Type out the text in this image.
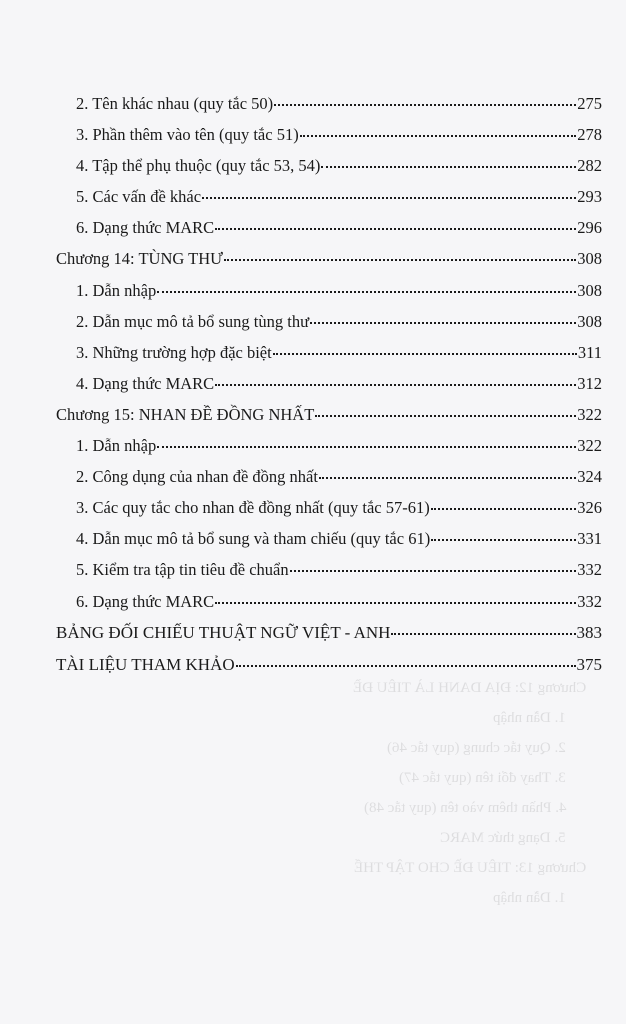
Chương 12: ĐỊA DANH LÀ TIÊU ĐỀ
1. Dẫn nhập
2. Quy tắc chung (quy tắc 46)
3. Thay đổi tên (quy tắc 47)
4. Phần thêm vào tên (quy tắc 48)
5. Dạng thức MARC
Chương 13: TIÊU ĐỀ CHO TẬP THỂ
1. Dẫn nhập
2. Tên khác nhau (quy tắc 50)	275
3. Phần thêm vào tên (quy tắc 51)	278
4. Tập thể phụ thuộc (quy tắc 53, 54)	282
5. Các vấn đề khác	293
6. Dạng thức MARC	296
Chương 14: TÙNG THƯ	308
1. Dẫn nhập	308
2. Dẫn mục mô tả bổ sung tùng thư	308
3. Những trường hợp đặc biệt	311
4. Dạng thức MARC	312
Chương 15: NHAN ĐỀ ĐỒNG NHẤT	322
1. Dẫn nhập	322
2. Công dụng của nhan đề đồng nhất	324
3. Các quy tắc cho nhan đề đồng nhất (quy tắc 57-61)	326
4. Dẫn mục mô tả bổ sung và tham chiếu (quy tắc 61)	331
5. Kiểm tra tập tin tiêu đề chuẩn	332
6. Dạng thức MARC	332
BẢNG ĐỐI CHIẾU THUẬT NGỮ VIỆT - ANH	383
TÀI LIỆU THAM KHẢO	375
